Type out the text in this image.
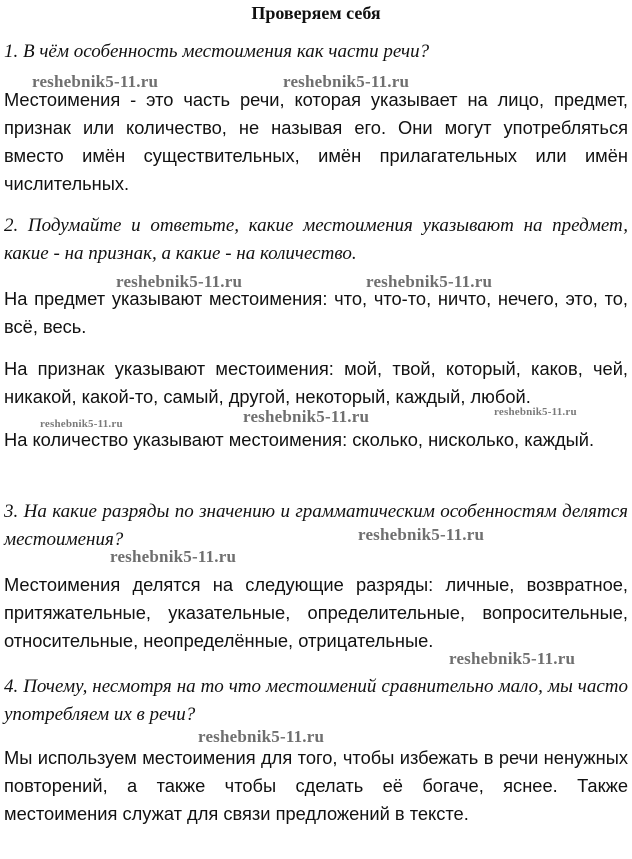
Проверяем себя
1. В чём особенность местоимения как части речи?
Местоимения - это часть речи, которая указывает на лицо, предмет, признак или количество, не называя его. Они могут употребляться вместо имён существительных, имён прилагательных или имён числительных.
2. Подумайте и ответьте, какие местоимения указывают на предмет, какие - на признак, а какие - на количество.
На предмет указывают местоимения: что, что-то, ничто, нечего, это, то, всё, весь.
На признак указывают местоимения: мой, твой, который, каков, чей, никакой, какой-то, самый, другой, некоторый, каждый, любой.
На количество указывают местоимения: сколько, нисколько, каждый.
3. На какие разряды по значению и грамматическим особенностям делятся местоимения?
Местоимения делятся на следующие разряды: личные, возвратное, притяжательные, указательные, определительные, вопросительные, относительные, неопределённые, отрицательные.
4. Почему, несмотря на то что местоимений сравнительно мало, мы часто употребляем их в речи?
Мы используем местоимения для того, чтобы избежать в речи ненужных повторений, а также чтобы сделать её богаче, яснее. Также местоимения служат для связи предложений в тексте.
reshebnik5-11.ru	reshebnik5-11.ru
reshebnik5-11.ru	reshebnik5-11.ru
reshebnik5-11.ru	reshebnik5-11.ru	reshebnik5-11.ru
reshebnik5-11.ru
reshebnik5-11.ru
reshebnik5-11.ru
reshebnik5-11.ru
